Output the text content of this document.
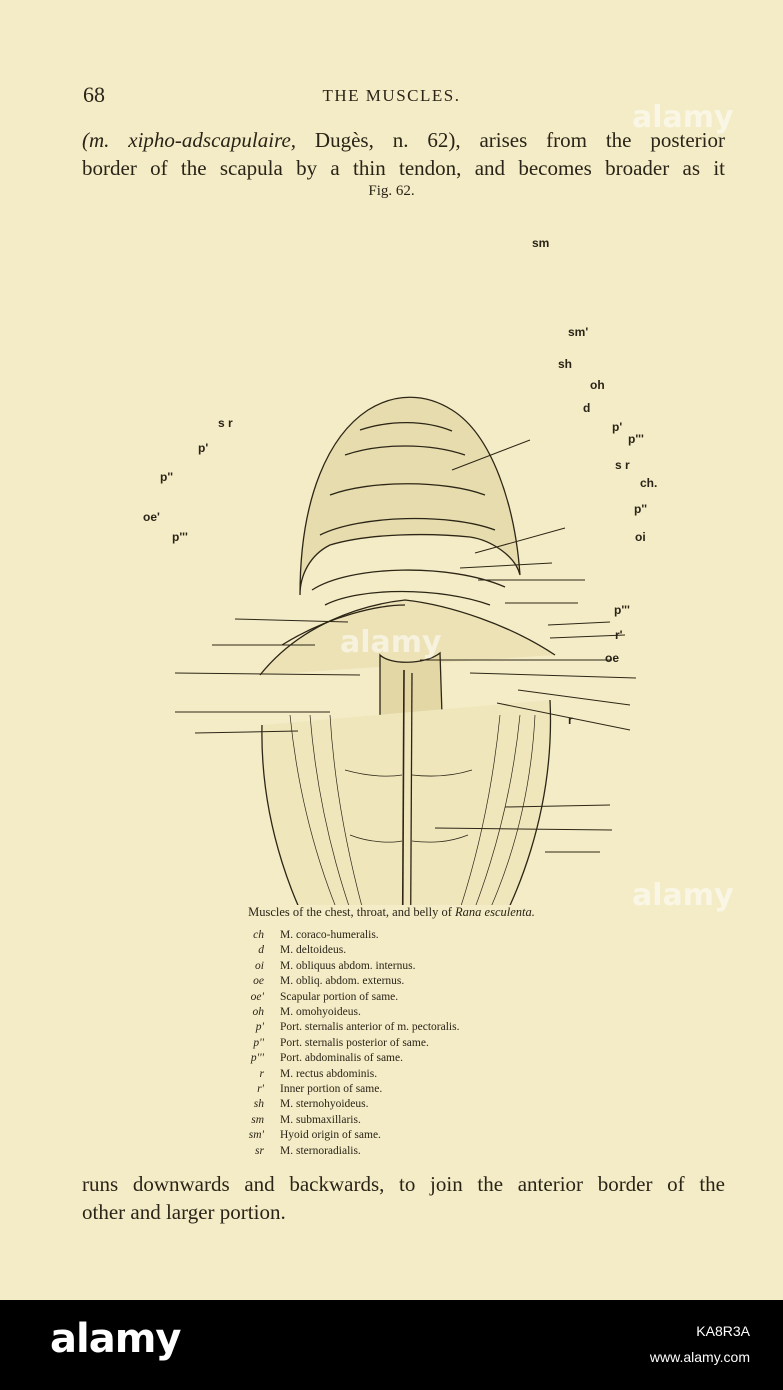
68	THE MUSCLES.
(m. xipho-adscapulaire, Dugès, n. 62), arises from the posterior
border of the scapula by a thin tendon, and becomes broader as it
Fig. 62.
sm
sm'
sh
oh
d
s r
p'
p'
p'''
s r
p''	ch.
oe'
p''
p'''	oi
p'''
r'
oe
r
Muscles of the chest, throat, and belly of Rana esculenta.
ch	M. coraco-humeralis.
d	M. deltoideus.
oi	M. obliquus abdom. internus.
oe	M. obliq. abdom. externus.
oe'	Scapular portion of same.
oh	M. omohyoideus.
p'	Port. sternalis anterior of m. pectoralis.
p''	Port. sternalis posterior of same.
p'''	Port. abdominalis of same.
r	M. rectus abdominis.
r'	Inner portion of same.
sh	M. sternohyoideus.
sm	M. submaxillaris.
sm'	Hyoid origin of same.
sr	M. sternoradialis.
runs downwards and backwards, to join the anterior border of the
other and larger portion.
alamy
alamy
alamy
alamy	KA8R3A
www.alamy.com
